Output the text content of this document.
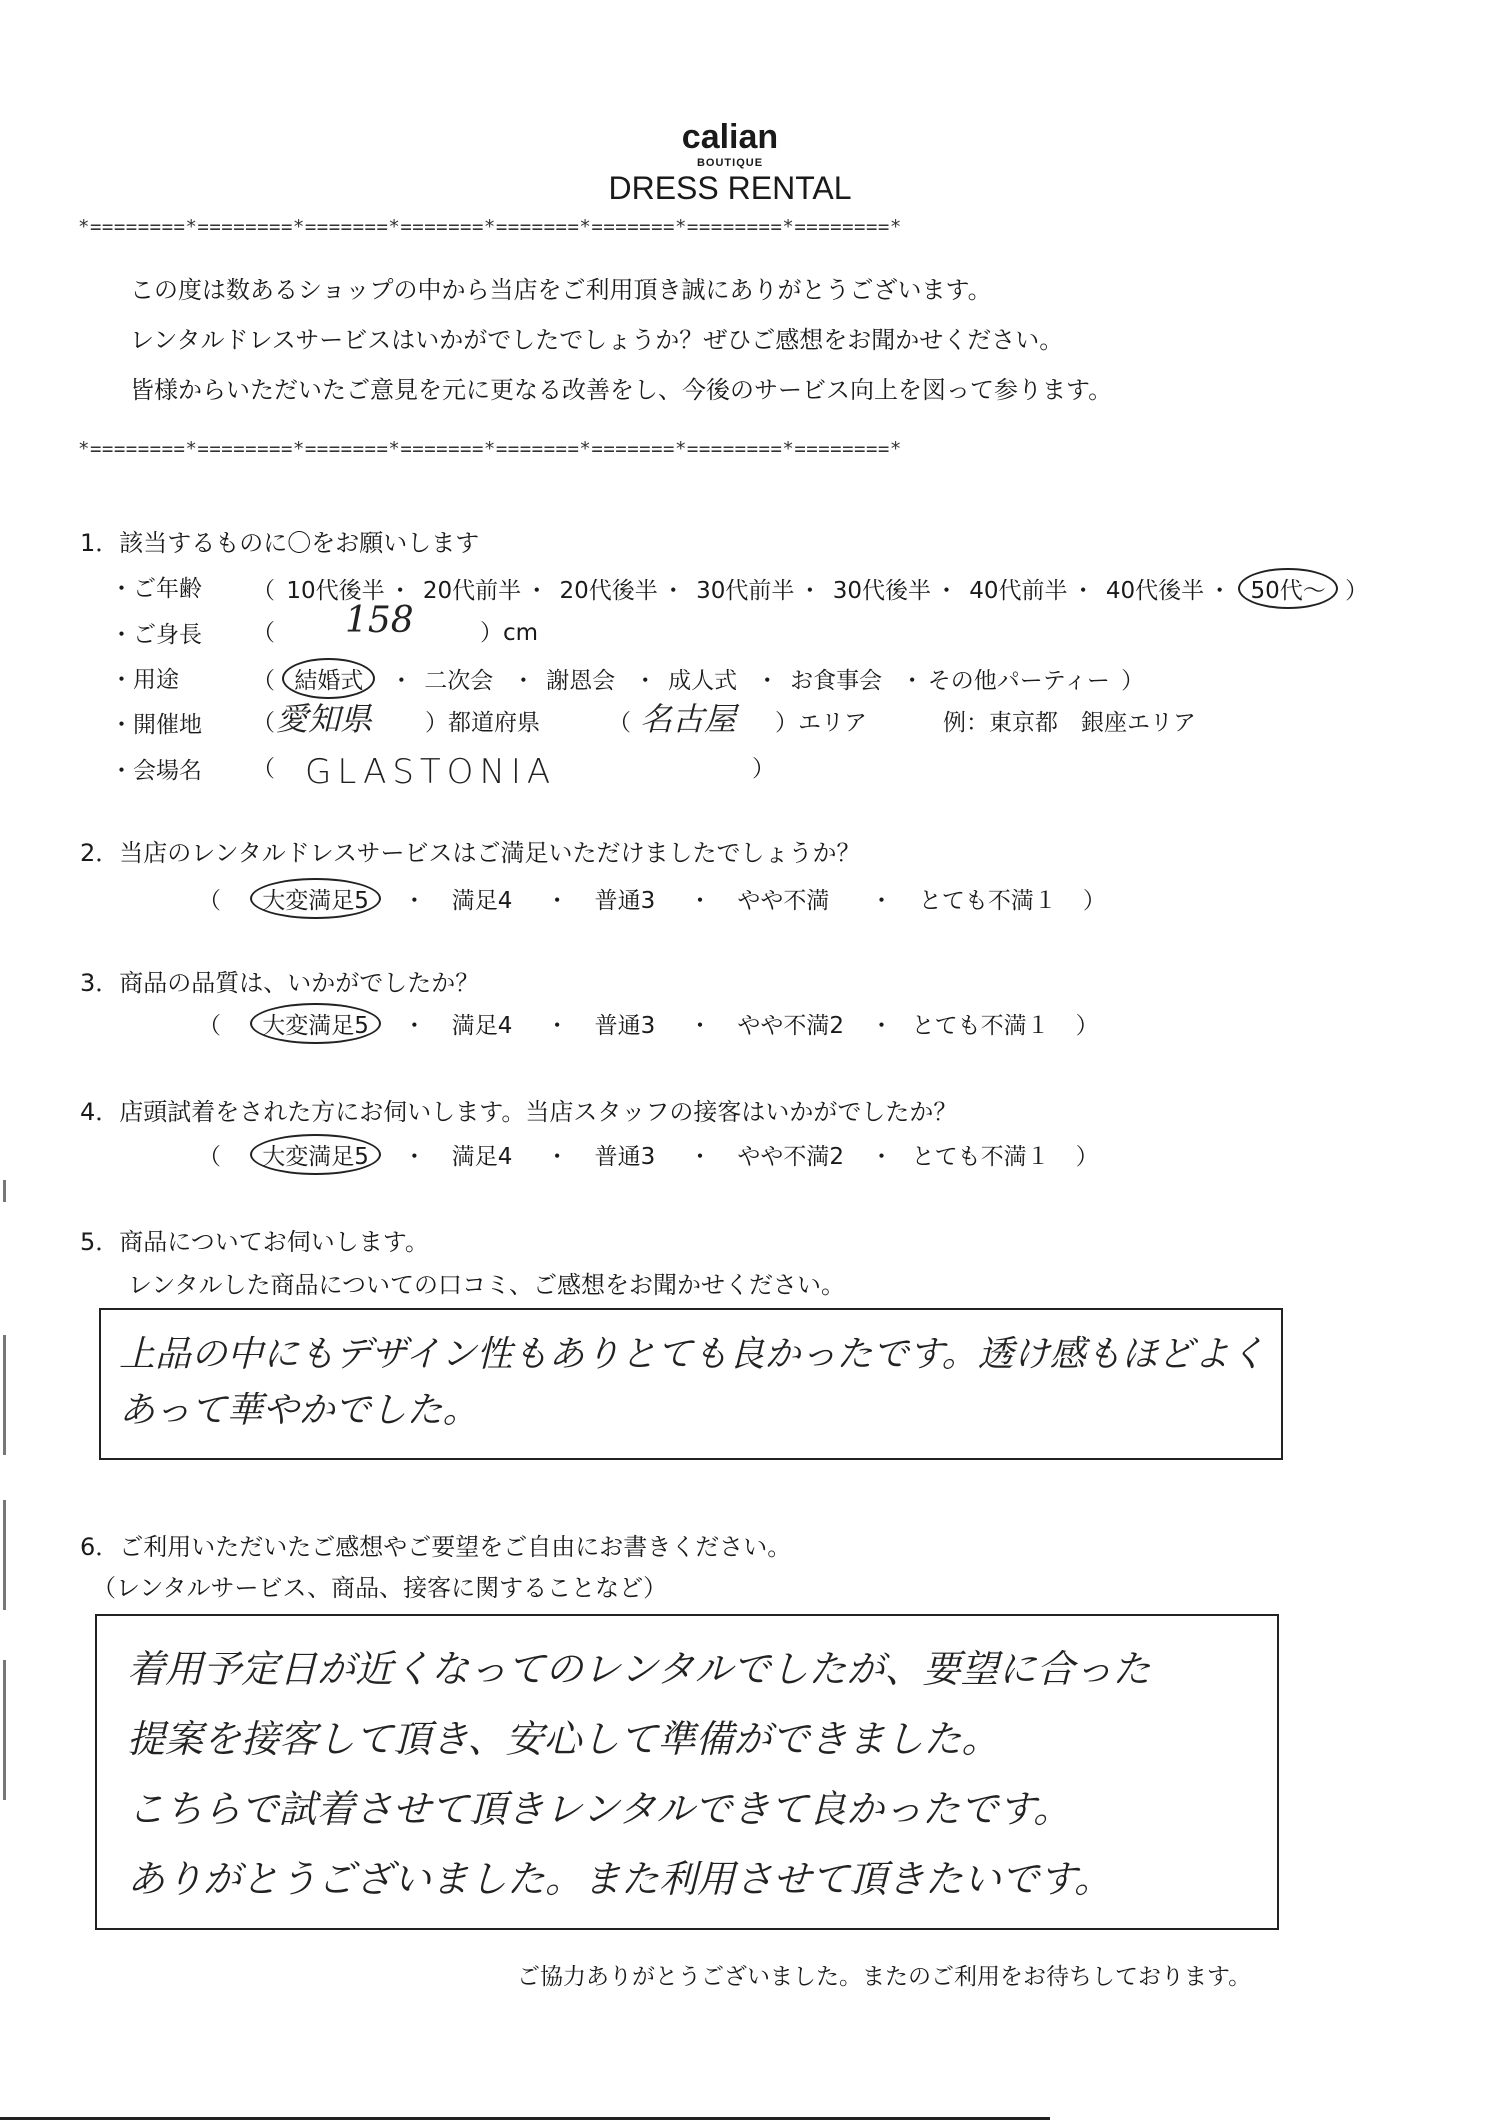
calian
BOUTIQUE
DRESS RENTAL
*========*========*=======*=======*=======*=======*========*========*
この度は数あるショップの中から当店をご利用頂き誠にありがとうございます。
レンタルドレスサービスはいかがでしたでしょうか？ぜひご感想をお聞かせください。
皆様からいただいたご意見を元に更なる改善をし、今後のサービス向上を図って参ります。
*========*========*=======*=======*=======*=======*========*========*
1．該当するものに〇をお願いします
・ご年齢 （ 10代後半 ・ 20代前半 ・ 20代後半 ・ 30代前半 ・ 30代後半 ・ 40代前半 ・ 40代後半 ・ 50代～ ）
・ご身長 （ 158	）cm
・用途	（ 結婚式  ・ 二次会  ・ 謝恩会  ・ 成人式  ・ お食事会  ・ その他パーティー ）
・開催地 （ 愛知県 ）都道府県	（ 名古屋 ）エリア	例：東京都　銀座エリア
・会場名 （ GLASTONIA	）
2．当店のレンタルドレスサービスはご満足いただけましたでしょうか？
（ 大変満足5   ・   満足4    ・   普通3    ・   やや不満     ・   とても不満１ ）
3．商品の品質は、いかがでしたか？
（ 大変満足5   ・   満足4    ・   普通3    ・   やや不満2   ・  とても不満１ ）
4．店頭試着をされた方にお伺いします。当店スタッフの接客はいかがでしたか？
（ 大変満足5   ・   満足4    ・   普通3    ・   やや不満2   ・  とても不満１ ）
5．商品についてお伺いします。
レンタルした商品についての口コミ、ご感想をお聞かせください。
上品の中にもデザイン性もありとても良かったです。透け感もほどよく
あって華やかでした。
6．ご利用いただいたご感想やご要望をご自由にお書きください。
（レンタルサービス、商品、接客に関することなど）
着用予定日が近くなってのレンタルでしたが、要望に合った
提案を接客して頂き、安心して準備ができました。
こちらで試着させて頂きレンタルできて良かったです。
ありがとうございました。また利用させて頂きたいです。
ご協力ありがとうございました。またのご利用をお待ちしております。
